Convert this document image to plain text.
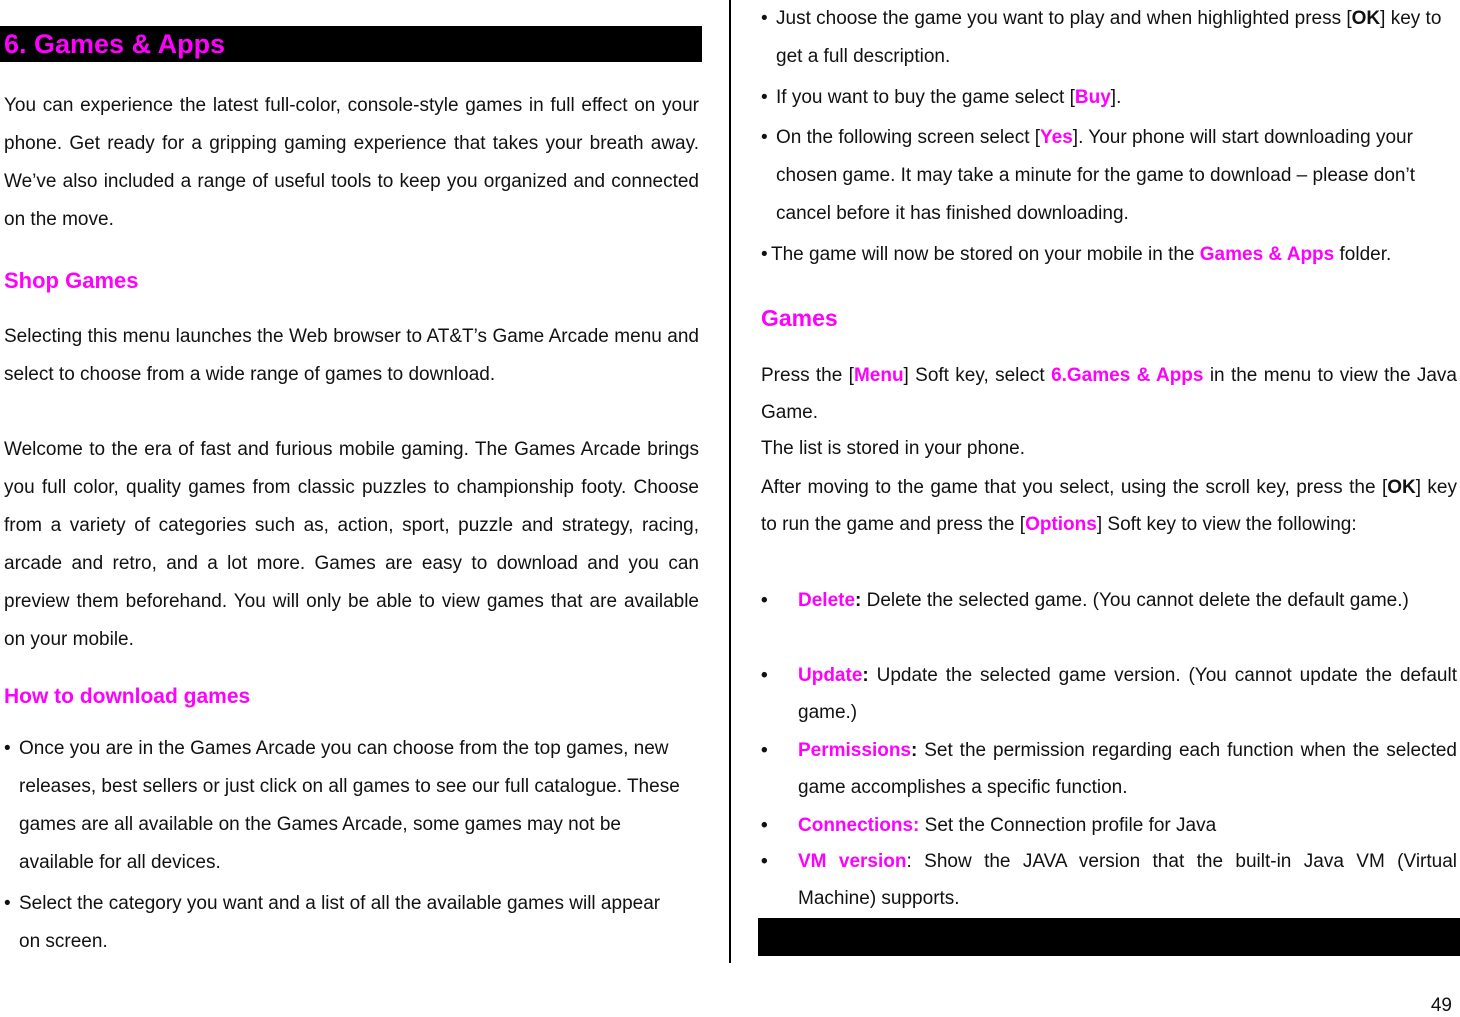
6. Games & Apps
You can experience the latest full-color, console-style games in full effect on your phone. Get ready for a gripping gaming experience that takes your breath away. We’ve also included a range of useful tools to keep you organized and connected on the move.
Shop Games
Selecting this menu launches the Web browser to AT&T’s Game Arcade menu and select to choose from a wide range of games to download.
Welcome to the era of fast and furious mobile gaming. The Games Arcade brings you full color, quality games from classic puzzles to championship footy. Choose from a variety of categories such as, action, sport, puzzle and strategy, racing, arcade and retro, and a lot more. Games are easy to download and you can preview them beforehand. You will only be able to view games that are available on your mobile.
How to download games
• Once you are in the Games Arcade you can choose from the top games, new releases, best sellers or just click on all games to see our full catalogue. These games are all available on the Games Arcade, some games may not be available for all devices.
• Select the category you want and a list of all the available games will appear on screen.
• Just choose the game you want to play and when highlighted press [OK] key to get a full description.
• If you want to buy the game select [Buy].
• On the following screen select [Yes]. Your phone will start downloading your chosen game. It may take a minute for the game to download – please don’t cancel before it has finished downloading.
• The game will now be stored on your mobile in the Games & Apps folder.
Games
Press the [Menu] Soft key, select 6.Games & Apps in the menu to view the Java Game.
The list is stored in your phone.
After moving to the game that you select, using the scroll key, press the [OK] key to run the game and press the [Options] Soft key to view the following:
• Delete: Delete the selected game. (You cannot delete the default game.)
• Update: Update the selected game version. (You cannot update the default game.)
• Permissions: Set the permission regarding each function when the selected game accomplishes a specific function.
• Connections: Set the Connection profile for Java
• VM version: Show the JAVA version that the built-in Java VM (Virtual Machine) supports.
49
